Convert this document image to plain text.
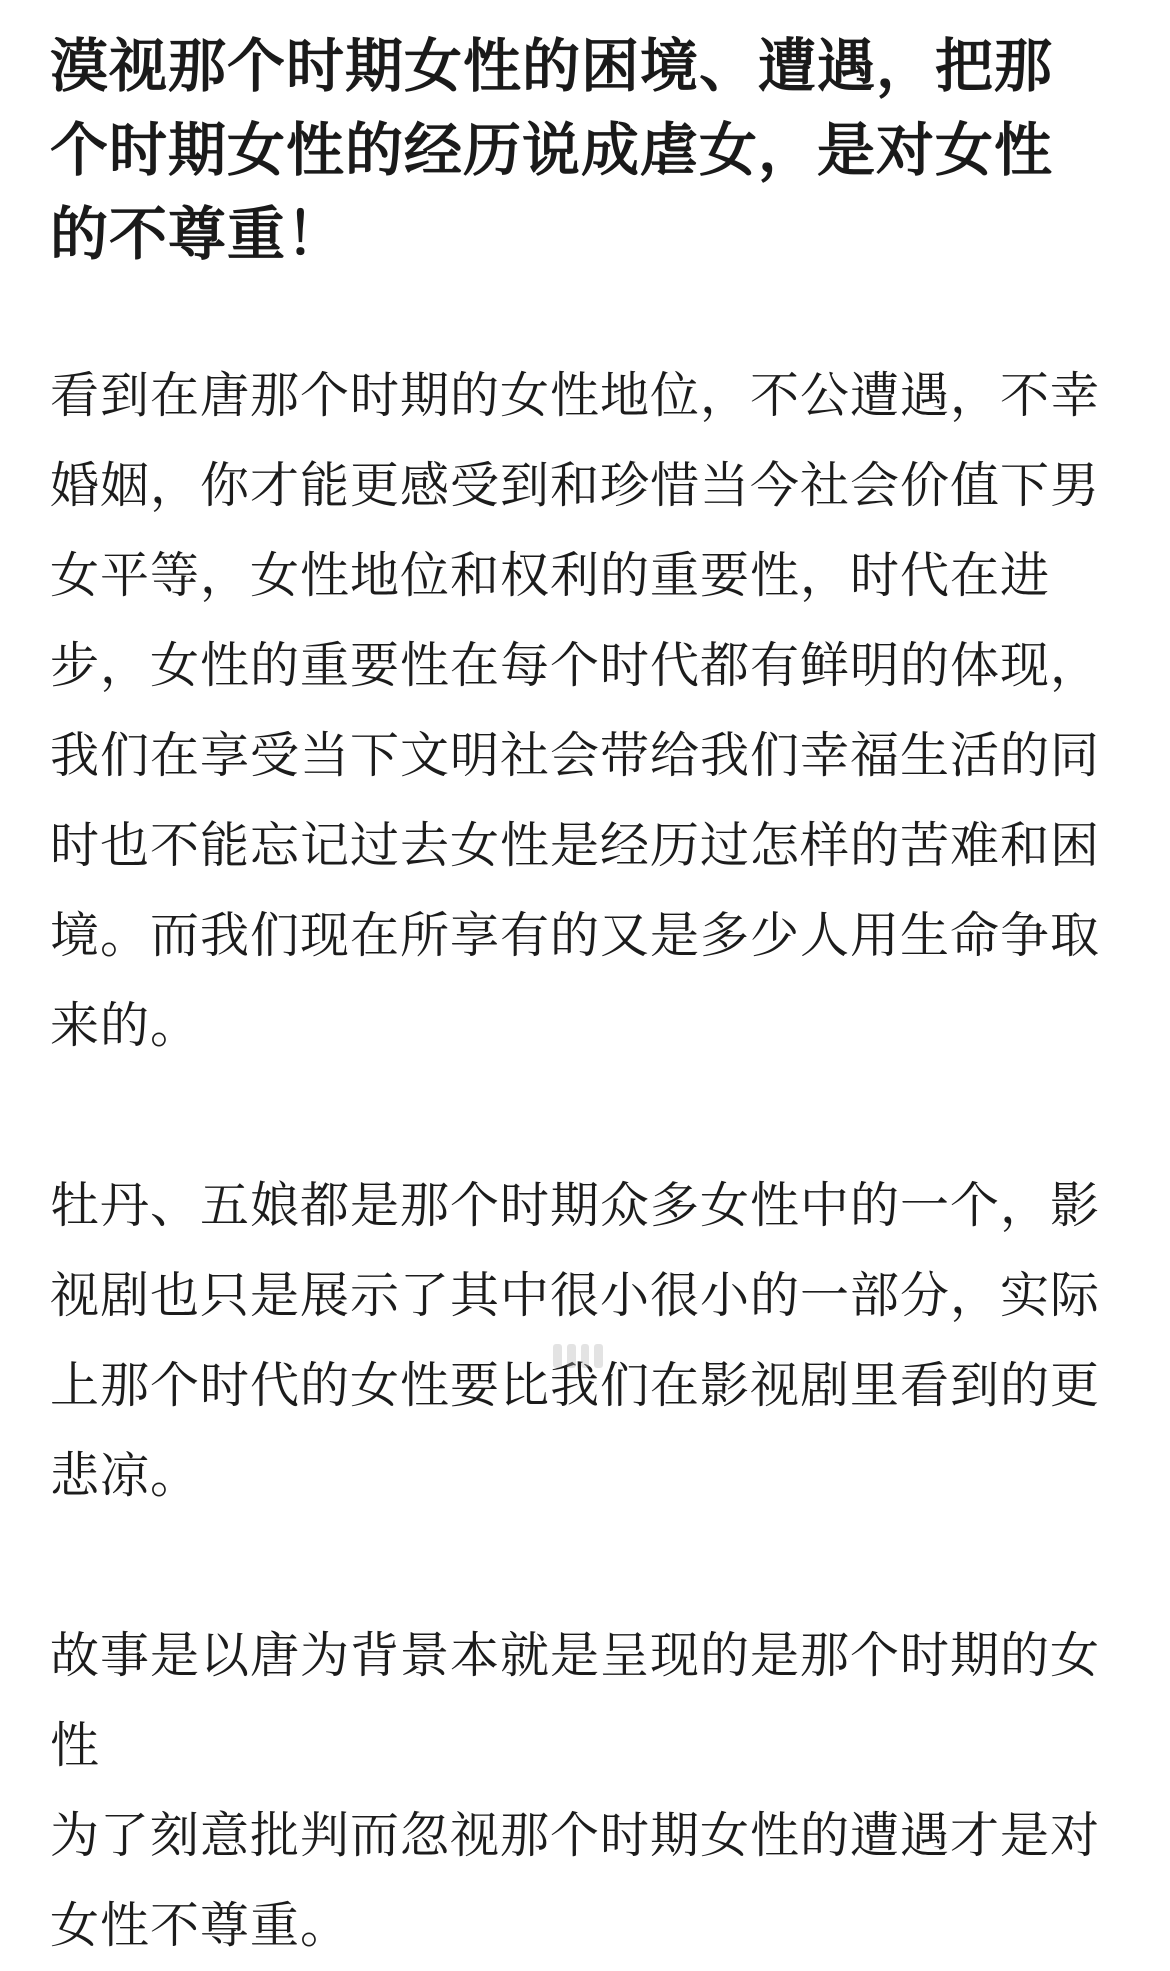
漠视那个时期女性的困境、遭遇，把那个时期女性的经历说成虐女，是对女性的不尊重！

看到在唐那个时期的女性地位，不公遭遇，不幸婚姻，你才能更感受到和珍惜当今社会价值下男女平等，女性地位和权利的重要性，时代在进步，女性的重要性在每个时代都有鲜明的体现，我们在享受当下文明社会带给我们幸福生活的同时也不能忘记过去女性是经历过怎样的苦难和困境。而我们现在所享有的又是多少人用生命争取来的。

牡丹、五娘都是那个时期众多女性中的一个，影视剧也只是展示了其中很小很小的一部分，实际上那个时代的女性要比我们在影视剧里看到的更悲凉。

故事是以唐为背景本就是呈现的是那个时期的女性
为了刻意批判而忽视那个时期女性的遭遇才是对女性不尊重。
